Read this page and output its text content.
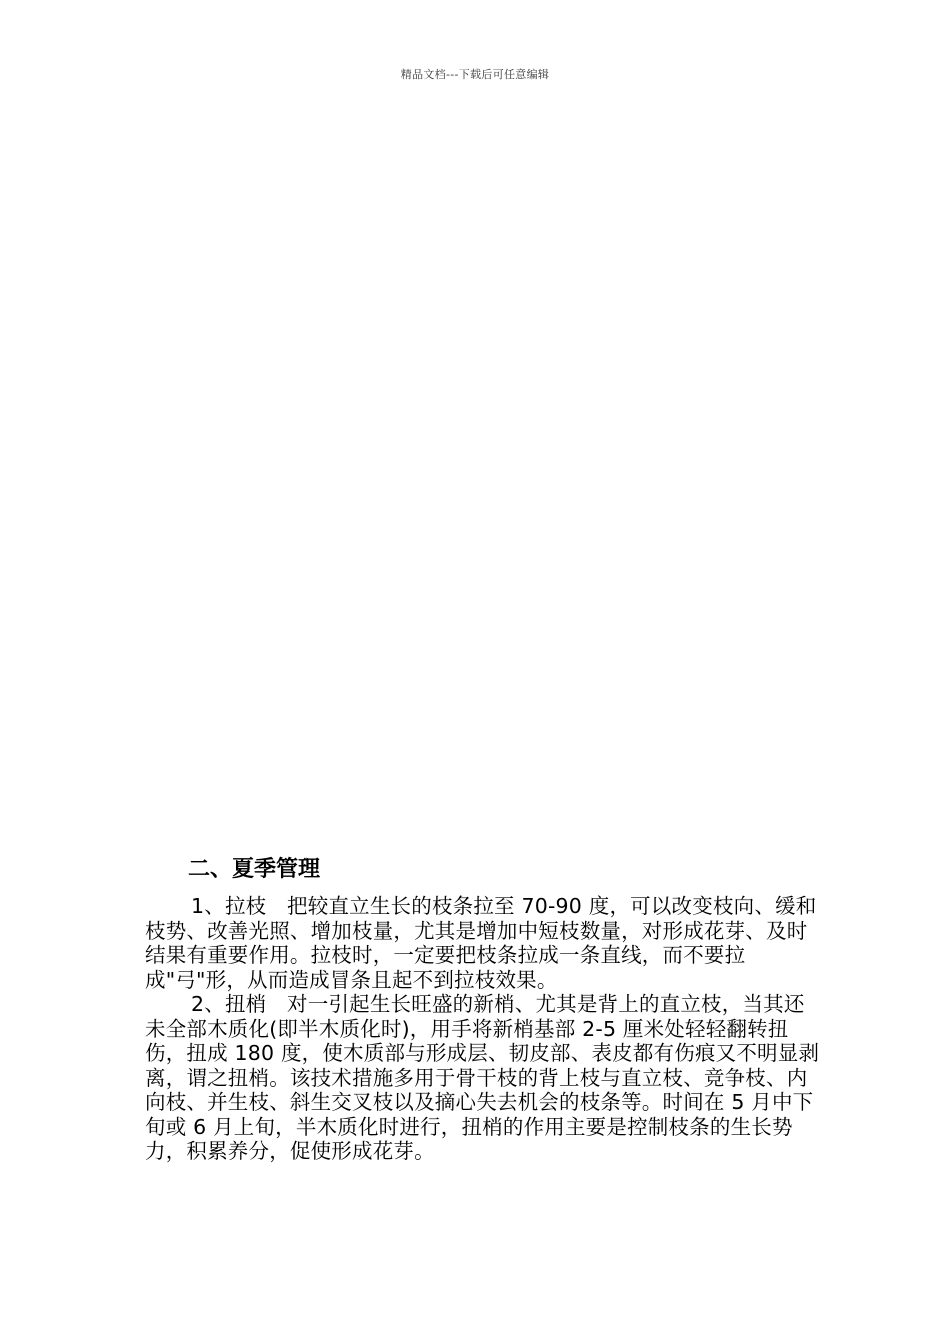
精品文档---下载后可任意编辑
二、夏季管理

1、拉枝　把较直立生长的枝条拉至 70-90 度，可以改变枝向、缓和枝势、改善光照、增加枝量，尤其是增加中短枝数量，对形成花芽、及时结果有重要作用。拉枝时，一定要把枝条拉成一条直线，而不要拉成"弓"形，从而造成冒条且起不到拉枝效果。

2、扭梢　对一引起生长旺盛的新梢、尤其是背上的直立枝，当其还未全部木质化(即半木质化时)，用手将新梢基部 2-5 厘米处轻轻翻转扭伤，扭成 180 度，使木质部与形成层、韧皮部、表皮都有伤痕又不明显剥离，谓之扭梢。该技术措施多用于骨干枝的背上枝与直立枝、竞争枝、内向枝、并生枝、斜生交叉枝以及摘心失去机会的枝条等。时间在 5 月中下旬或 6 月上旬，半木质化时进行，扭梢的作用主要是控制枝条的生长势力，积累养分，促使形成花芽。
